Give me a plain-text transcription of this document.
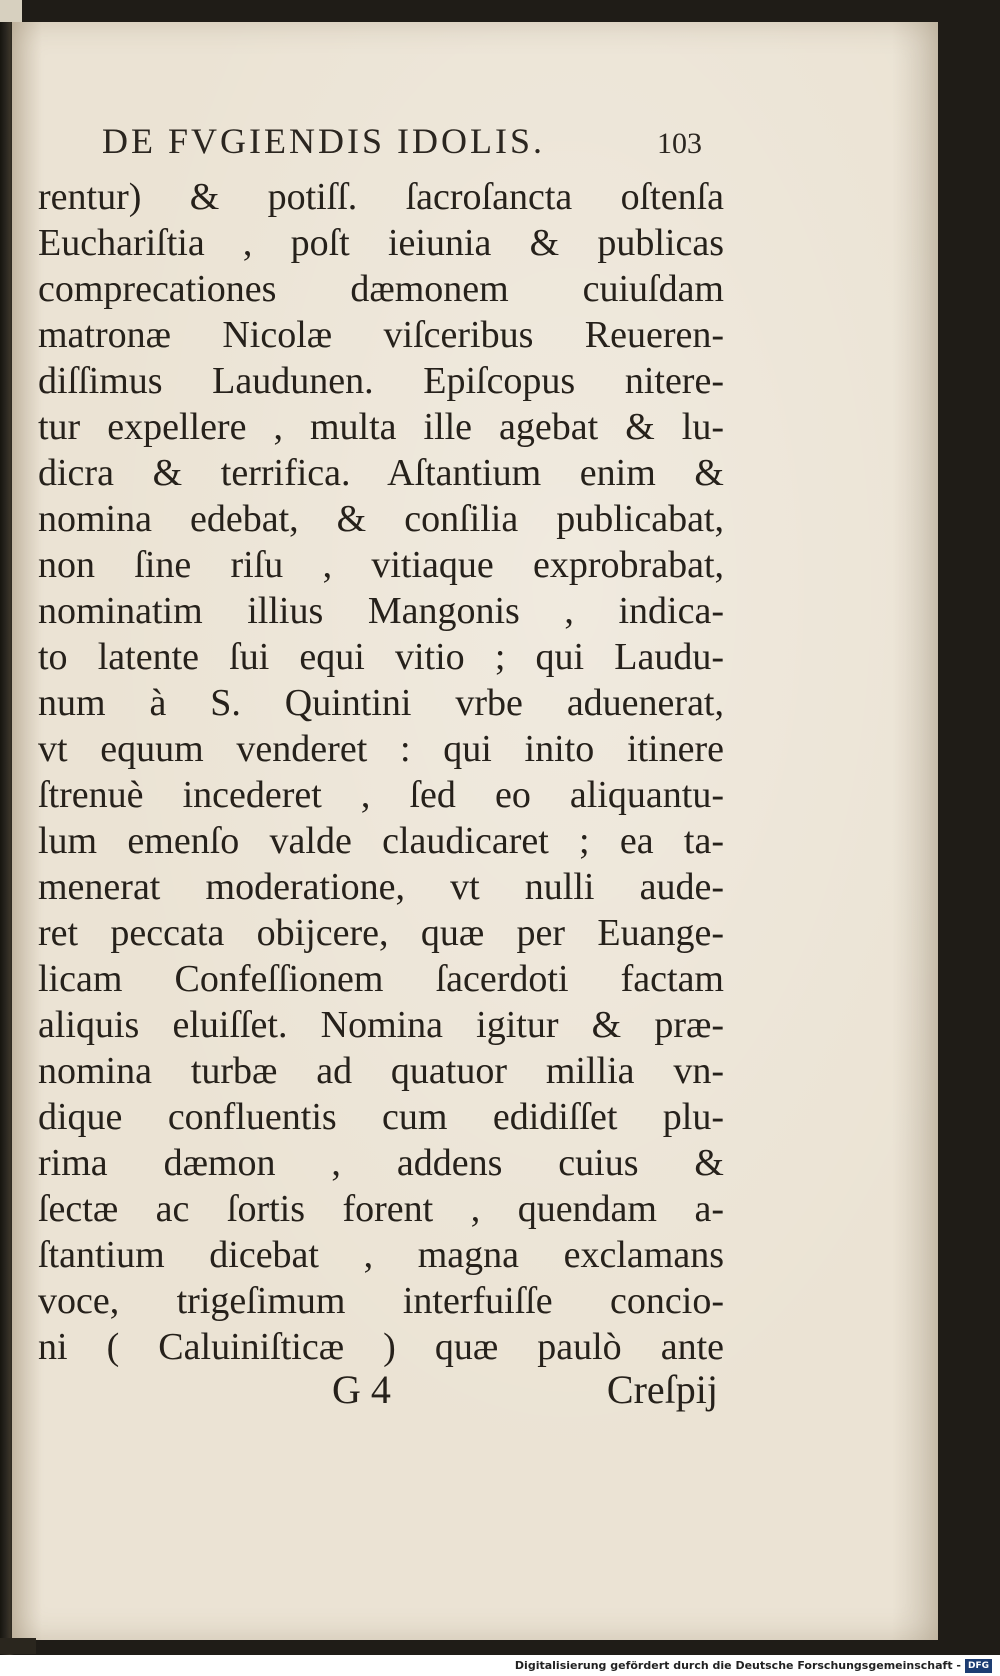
DE FVGIENDIS IDOLIS.	103
rentur) & potiſſ. ſacroſancta oſtenſa
Euchariſtia , poſt ieiunia & publicas
comprecationes dæmonem cuiuſdam
matronæ Nicolæ viſceribus Reueren-
diſſimus Laudunen. Epiſcopus nitere-
tur expellere , multa ille agebat & lu-
dicra & terrifica. Aſtantium enim &
nomina edebat, & conſilia publicabat,
non ſine riſu , vitiaque exprobrabat,
nominatim illius Mangonis , indica-
to latente ſui equi vitio ; qui Laudu-
num à S. Quintini vrbe aduenerat,
vt equum venderet : qui inito itinere
ſtrenuè incederet , ſed eo aliquantu-
lum emenſo valde claudicaret ; ea ta-
menerat moderatione, vt nulli aude-
ret peccata obijcere, quæ per Euange-
licam Confeſſionem ſacerdoti factam
aliquis eluiſſet. Nomina igitur & præ-
nomina turbæ ad quatuor millia vn-
dique confluentis cum edidiſſet plu-
rima dæmon , addens cuius &
ſectæ ac ſortis forent , quendam a-
ſtantium dicebat , magna exclamans
voce, trigeſimum interfuiſſe concio-
ni ( Caluiniſticæ ) quæ paulò ante
G 4	Creſpij
Digitalisierung gefördert durch die Deutsche Forschungsgemeinschaft - DFG
